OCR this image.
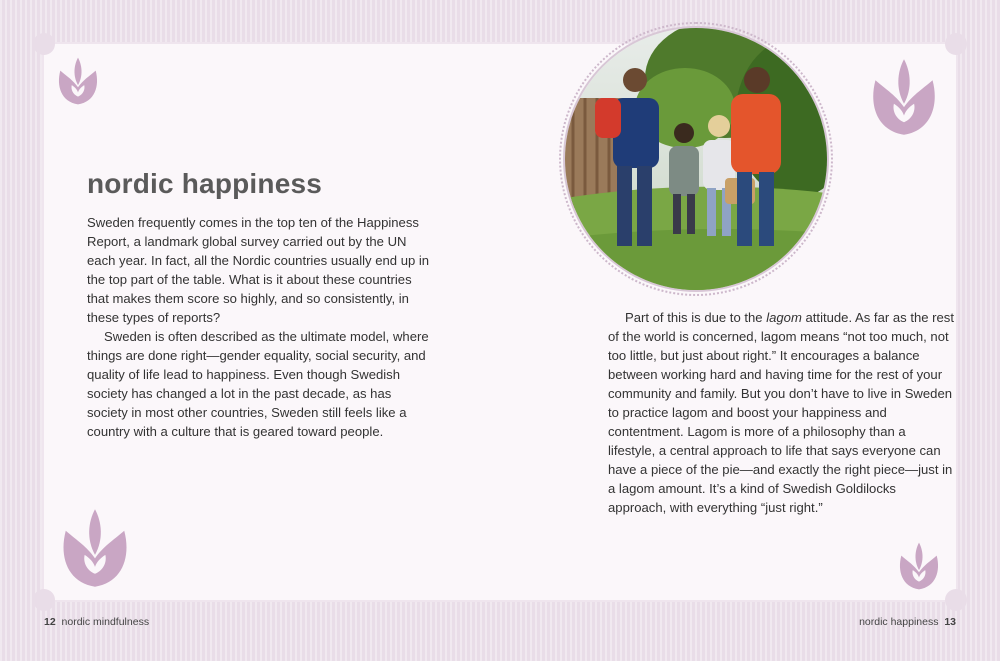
nordic happiness

Sweden frequently comes in the top ten of the Happiness Report, a landmark global survey carried out by the UN each year. In fact, all the Nordic countries usually end up in the top part of the table. What is it about these countries that makes them score so highly, and so consistently, in these types of reports?

Sweden is often described as the ultimate model, where things are done right—gender equality, social security, and quality of life lead to happiness. Even though Swedish society has changed a lot in the past decade, as has society in most other countries, Sweden still feels like a country with a culture that is geared toward people.

Part of this is due to the lagom attitude. As far as the rest of the world is concerned, lagom means “not too much, not too little, but just about right.” It encourages a balance between working hard and having time for the rest of your community and family. But you don’t have to live in Sweden to practice lagom and boost your happiness and contentment. Lagom is more of a philosophy than a lifestyle, a central approach to life that says everyone can have a piece of the pie—and exactly the right piece—just in a lagom amount. It’s a kind of Swedish Goldilocks approach, with everything “just right.”

12 nordic mindfulness	nordic happiness 13
